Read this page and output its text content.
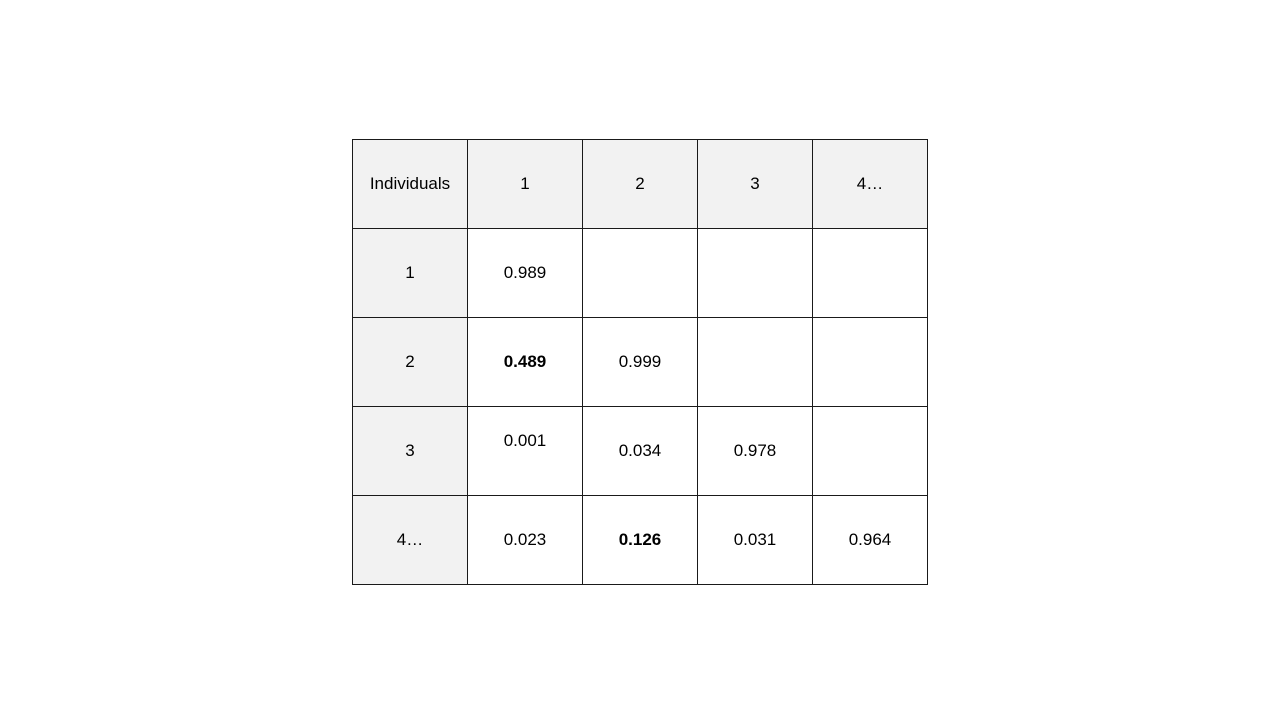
Individuals	1	2	3	4…
1	0.989			
2	0.489	0.999		
3	0.001	0.034	0.978	
4…	0.023	0.126	0.031	0.964
